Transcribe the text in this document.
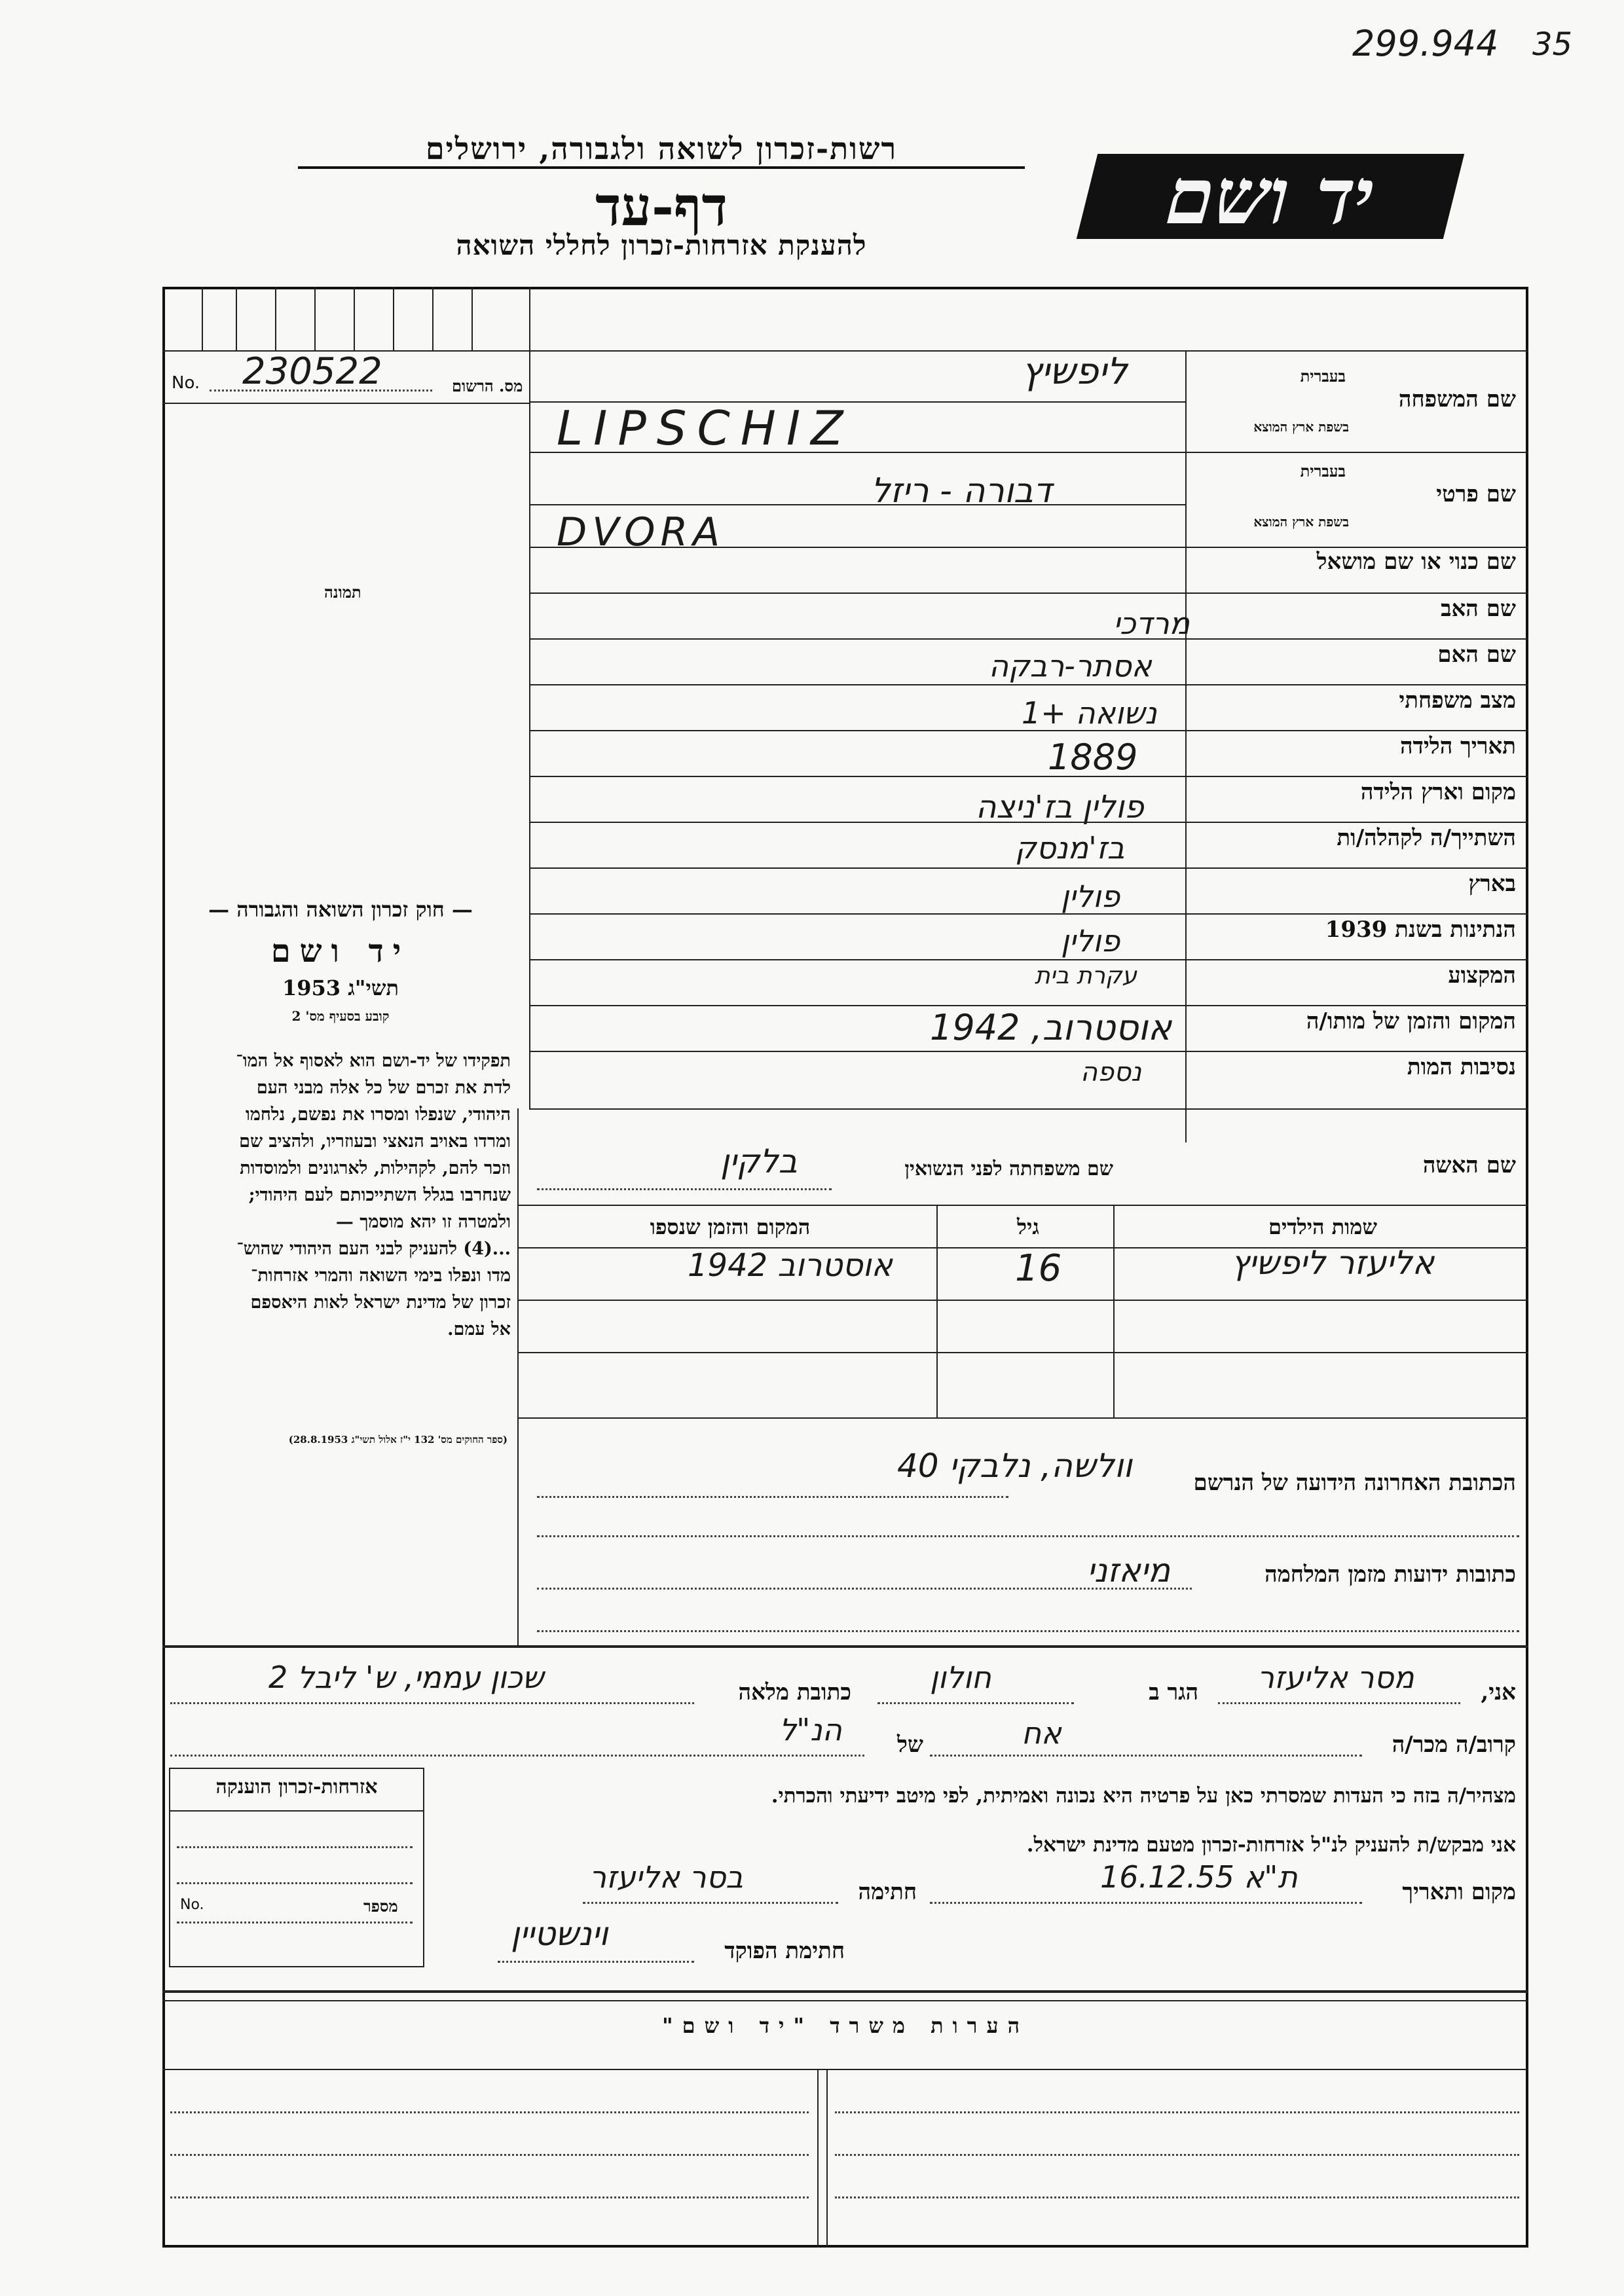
299.944 35
רשות-זכרון לשואה ולגבורה, ירושלים
דף-עד
להענקת אזרחות-זכרון לחללי השואה
יד ושם
No. 230522	מס. הרשום
תמונה
שם המשפחה
בעברית
בשפת ארץ המוצא
ליפשיץ
LIPSCHIZ
שם פרטי
בעברית
בשפת ארץ המוצא
דבורה - ריזל
DVORA
שם כנוי או שם מושאל
שם האב
מרדכי
שם האם
אסתר-רבקה
מצב משפחתי
נשואה +1
תאריך הלידה
1889
מקום וארץ הלידה
פולין בז'ניצה
השתייך/ה לקהלה/ות
בז'מנסק
בארץ
פולין
הנתינות בשנת 1939
פולין
המקצוע
עקרת בית
המקום והזמן של מותו/ה
אוסטרוב, 1942
נסיבות המות
נספה
— חוק זכרון השואה והגבורה —
יד ושם
תשי"ג 1953
קובע בסעיף מס' 2
תפקידו של יד-ושם הוא לאסוף אל המו־
לדת את זכרם של כל אלה מבני העם
היהודי, שנפלו ומסרו את נפשם, נלחמו
ומרדו באויב הנאצי ובעוזריו, ולהציב שם
וזכר להם, לקהילות, לארגונים ולמוסדות
שנחרבו בגלל השתייכותם לעם היהודי;
ולמטרה זו יהא מוסמך —
...(4) להעניק לבני העם היהודי שהוש־
מדו ונפלו בימי השואה והמרי אזרחות־
זכרון של מדינת ישראל לאות היאספם
אל עמם.
(ספר החוקים מס' 132 י"ז אלול תשי"ג 28.8.1953)
שם האשה
שם משפחתה לפני הנשואין
בלקין
שמות הילדים
גיל
המקום והזמן שנספו
אליעזר ליפשיץ
16
אוסטרוב 1942
הכתובת האחרונה הידועה של הנרשם
וולשה, נלבקי 40
כתובות ידועות מזמן המלחמה
מיאזני
אני,
מסר אליעזר
הגר ב
חולון
כתובת מלאה
שכון עממי, ש' ליבל 2
קרוב/ה מכר/ה
אח
של
הנ"ל
מצהיר/ה בזה כי העדות שמסרתי כאן על פרטיה היא נכונה ואמיתית, לפי מיטב ידיעתי והכרתי.
אני מבקש/ת להעניק לנ"ל אזרחות-זכרון מטעם מדינת ישראל.
מקום ותאריך
ת"א 16.12.55
חתימה
בסר אליעזר
חתימת הפוקד
וינשטיין
אזרחות-זכרון הוענקה
No.	מספר
הערות משרד "יד ושם"
